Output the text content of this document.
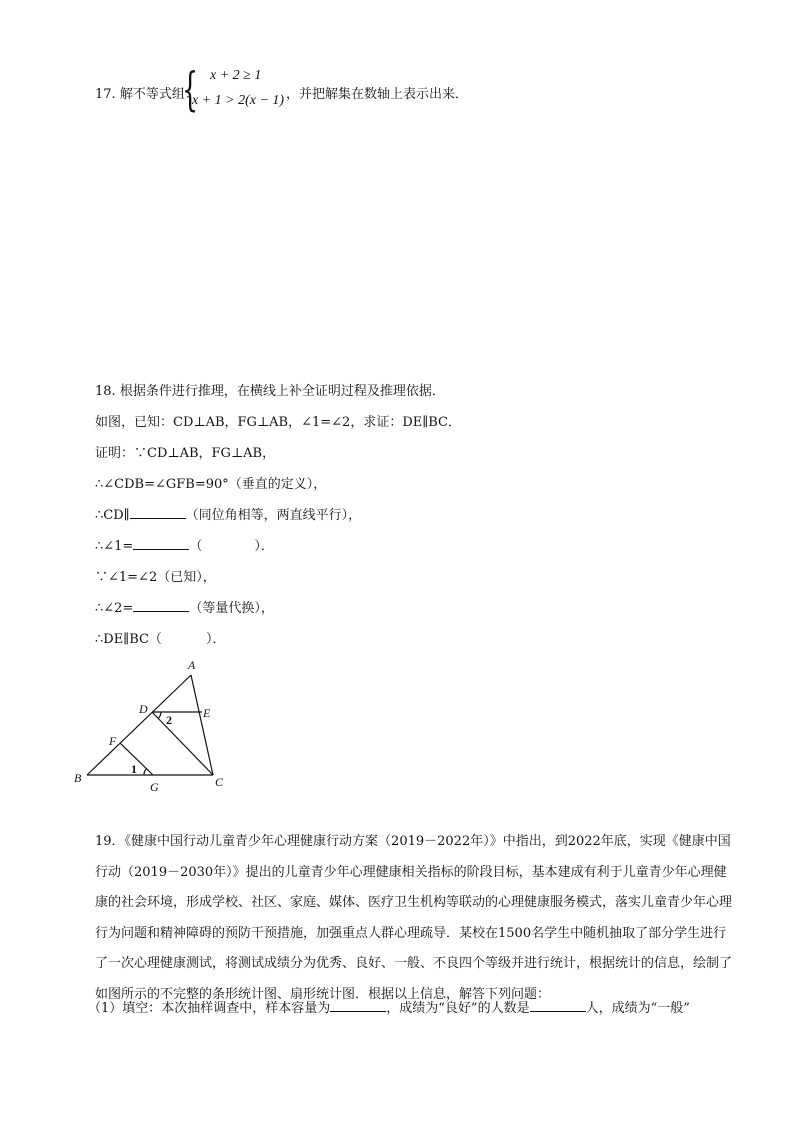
17. 解不等式组：
{ x + 2 ≥ 1
x + 1 > 2(x − 1) ，并把解集在数轴上表示出来．
18. 根据条件进行推理，在横线上补全证明过程及推理依据．
如图，已知：CD⊥AB，FG⊥AB，∠1=∠2，求证：DE∥BC．
证明：∵CD⊥AB，FG⊥AB，
∴∠CDB=∠GFB=90°（垂直的定义），
∴CD∥	（同位角相等，两直线平行），
∴∠1=	（　　　　）．
∵∠1=∠2（已知），
∴∠2=	（等量代换），
∴DE∥BC（	）．
A
D	E
F
B
G	C
2
1
19．《健康中国行动儿童青少年心理健康行动方案（2019－2022年）》中指出，到2022年底，实现《健康中国行动（2019－2030年）》提出的儿童青少年心理健康相关指标的阶段目标，基本建成有利于儿童青少年心理健康的社会环境，形成学校、社区、家庭、媒体、医疗卫生机构等联动的心理健康服务模式，落实儿童青少年心理行为问题和精神障碍的预防干预措施，加强重点人群心理疏导．某校在1500名学生中随机抽取了部分学生进行了一次心理健康测试，将测试成绩分为优秀、良好、一般、不良四个等级并进行统计，根据统计的信息，绘制了如图所示的不完整的条形统计图、扇形统计图．根据以上信息，解答下列问题：
（1）填空：本次抽样调查中，样本容量为	，成绩为“良好”的人数是	人，成绩为“一般”
